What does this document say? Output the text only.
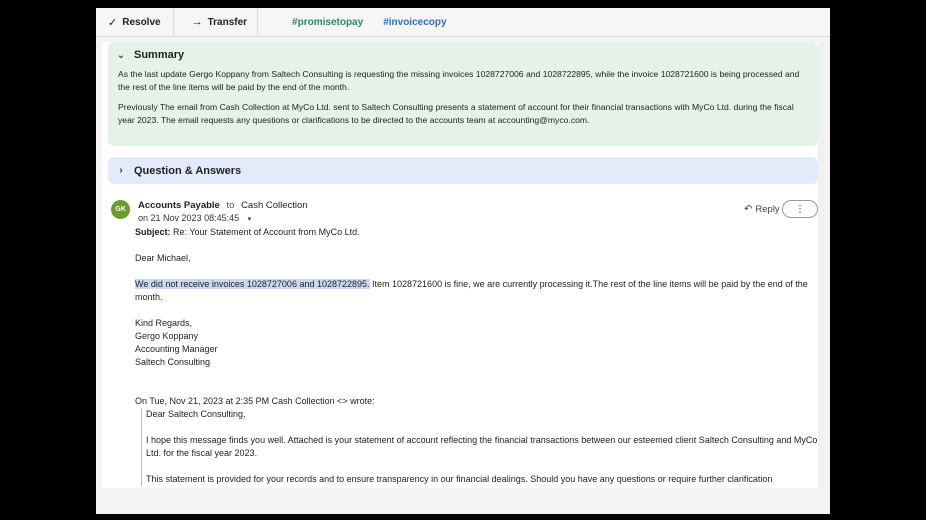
✓ Resolve	→ Transfer	#promisetopay #invoicecopy
⌄ Summary

As the last update Gergo Koppany from Saltech Consulting is requesting the missing invoices 1028727006 and 1028722895, while the invoice 1028721600 is being processed and the rest of the line items will be paid by the end of the month.

Previously The email from Cash Collection at MyCo Ltd. sent to Saltech Consulting presents a statement of account for their financial transactions with MyCo Ltd. during the fiscal year 2023. The email requests any questions or clarifications to be directed to the accounts team at accounting@myco.com.

›	Question & Answers
GK	Accounts Payable to Cash Collection
on 21 Nov 2023 08:45:45 ▾
↶ Reply ⋮

Subject: Re: Your Statement of Account from MyCo Ltd.

Dear Michael,

We did not receive invoices 1028727006 and 1028722895. Item 1028721600 is fine, we are currently processing it.The rest of the line items will be paid by the end of the month.

Kind Regards,

Gergo Koppany

Accounting Manager

Saltech Consulting

On Tue, Nov 21, 2023 at 2:35 PM Cash Collection <> wrote:

Dear Saltech Consulting,

I hope this message finds you well. Attached is your statement of account reflecting the financial transactions between our esteemed client Saltech Consulting and MyCo Ltd. for the fiscal year 2023.

This statement is provided for your records and to ensure transparency in our financial dealings. Should you have any questions or require further clarification
